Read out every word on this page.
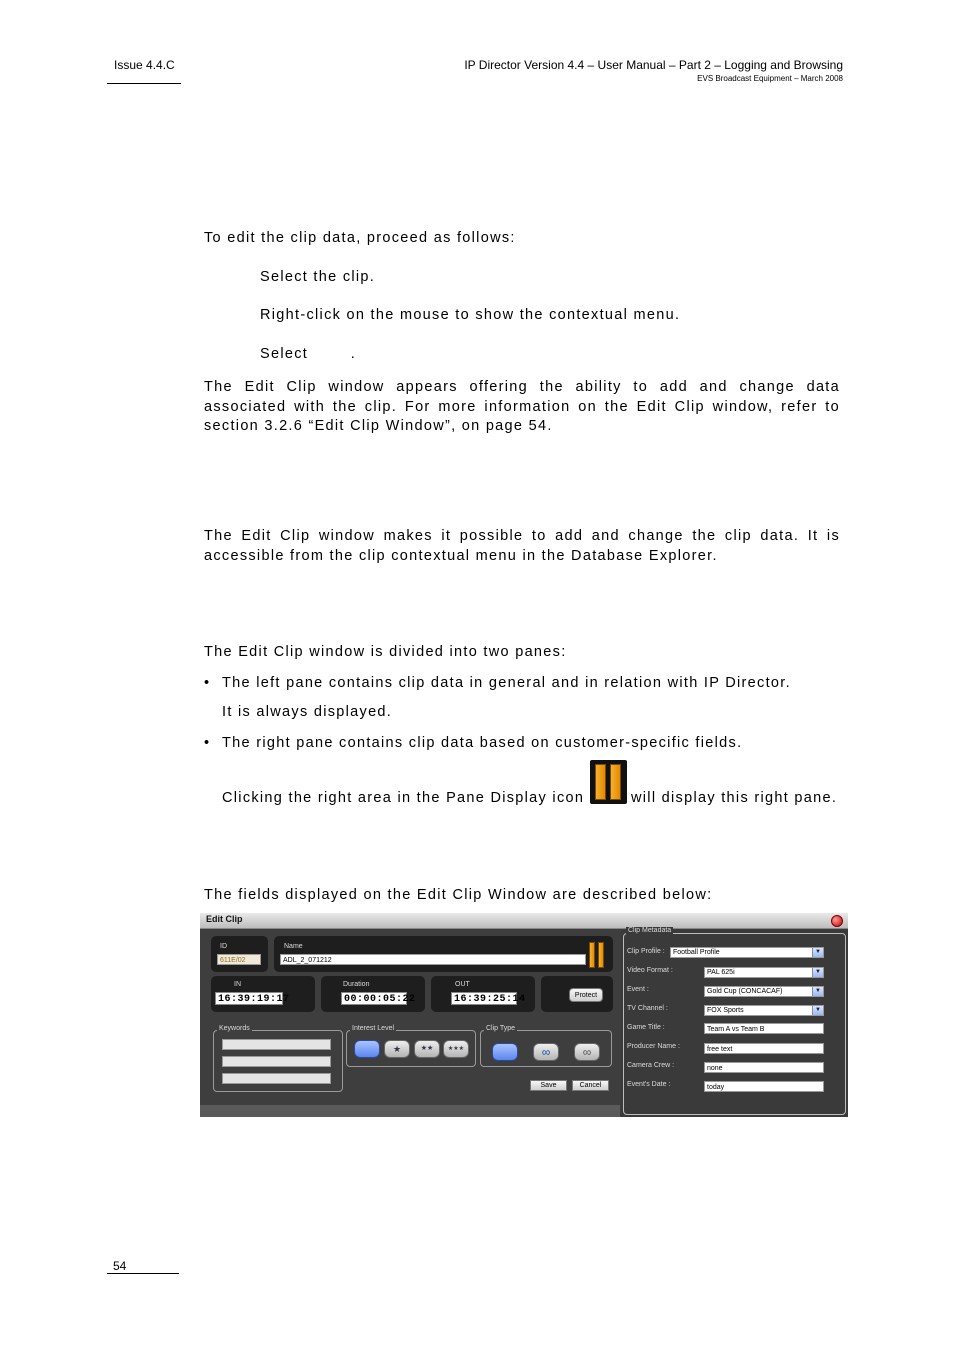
Issue 4.4.C	IP Director Version 4.4 – User Manual – Part 2 – Logging and Browsing
EVS Broadcast Equipment – March 2008
To edit the clip data, proceed as follows:
Select the clip.
Right-click on the mouse to show the contextual menu.
Select        .
The Edit Clip window appears offering the ability to add and change data
associated with the clip. For more information on the Edit Clip window, refer to
section 3.2.6 “Edit Clip Window”, on page 54.
The Edit Clip window makes it possible to add and change the clip data. It is
accessible from the clip contextual menu in the Database Explorer.
The Edit Clip window is divided into two panes:
• The left pane contains clip data in general and in relation with IP Director.
It is always displayed.
• The right pane contains clip data based on customer-specific fields.
Clicking the right area in the Pane Display icon	will display this right pane.
The fields displayed on the Edit Clip Window are described below:
Edit Clip
ID
611E/02
Name
ADL_2_071212
IN
16:39:19:17
Duration
00:00:05:22
OUT
16:39:25:14	Protect
Keywords	Interest Level
★	★★	★★★
Clip Type
∞	∞
Save	Cancel
Clip Metadata
Clip Profile :	Football Profile	▼
Video Format :	PAL 625i	▼
Event :	Gold Cup (CONCACAF)	▼
TV Channel :	FOX Sports	▼
Game Title :	Team A vs Team B
Producer Name :	free text
Camera Crew :	none
Event's Date :	today
54
